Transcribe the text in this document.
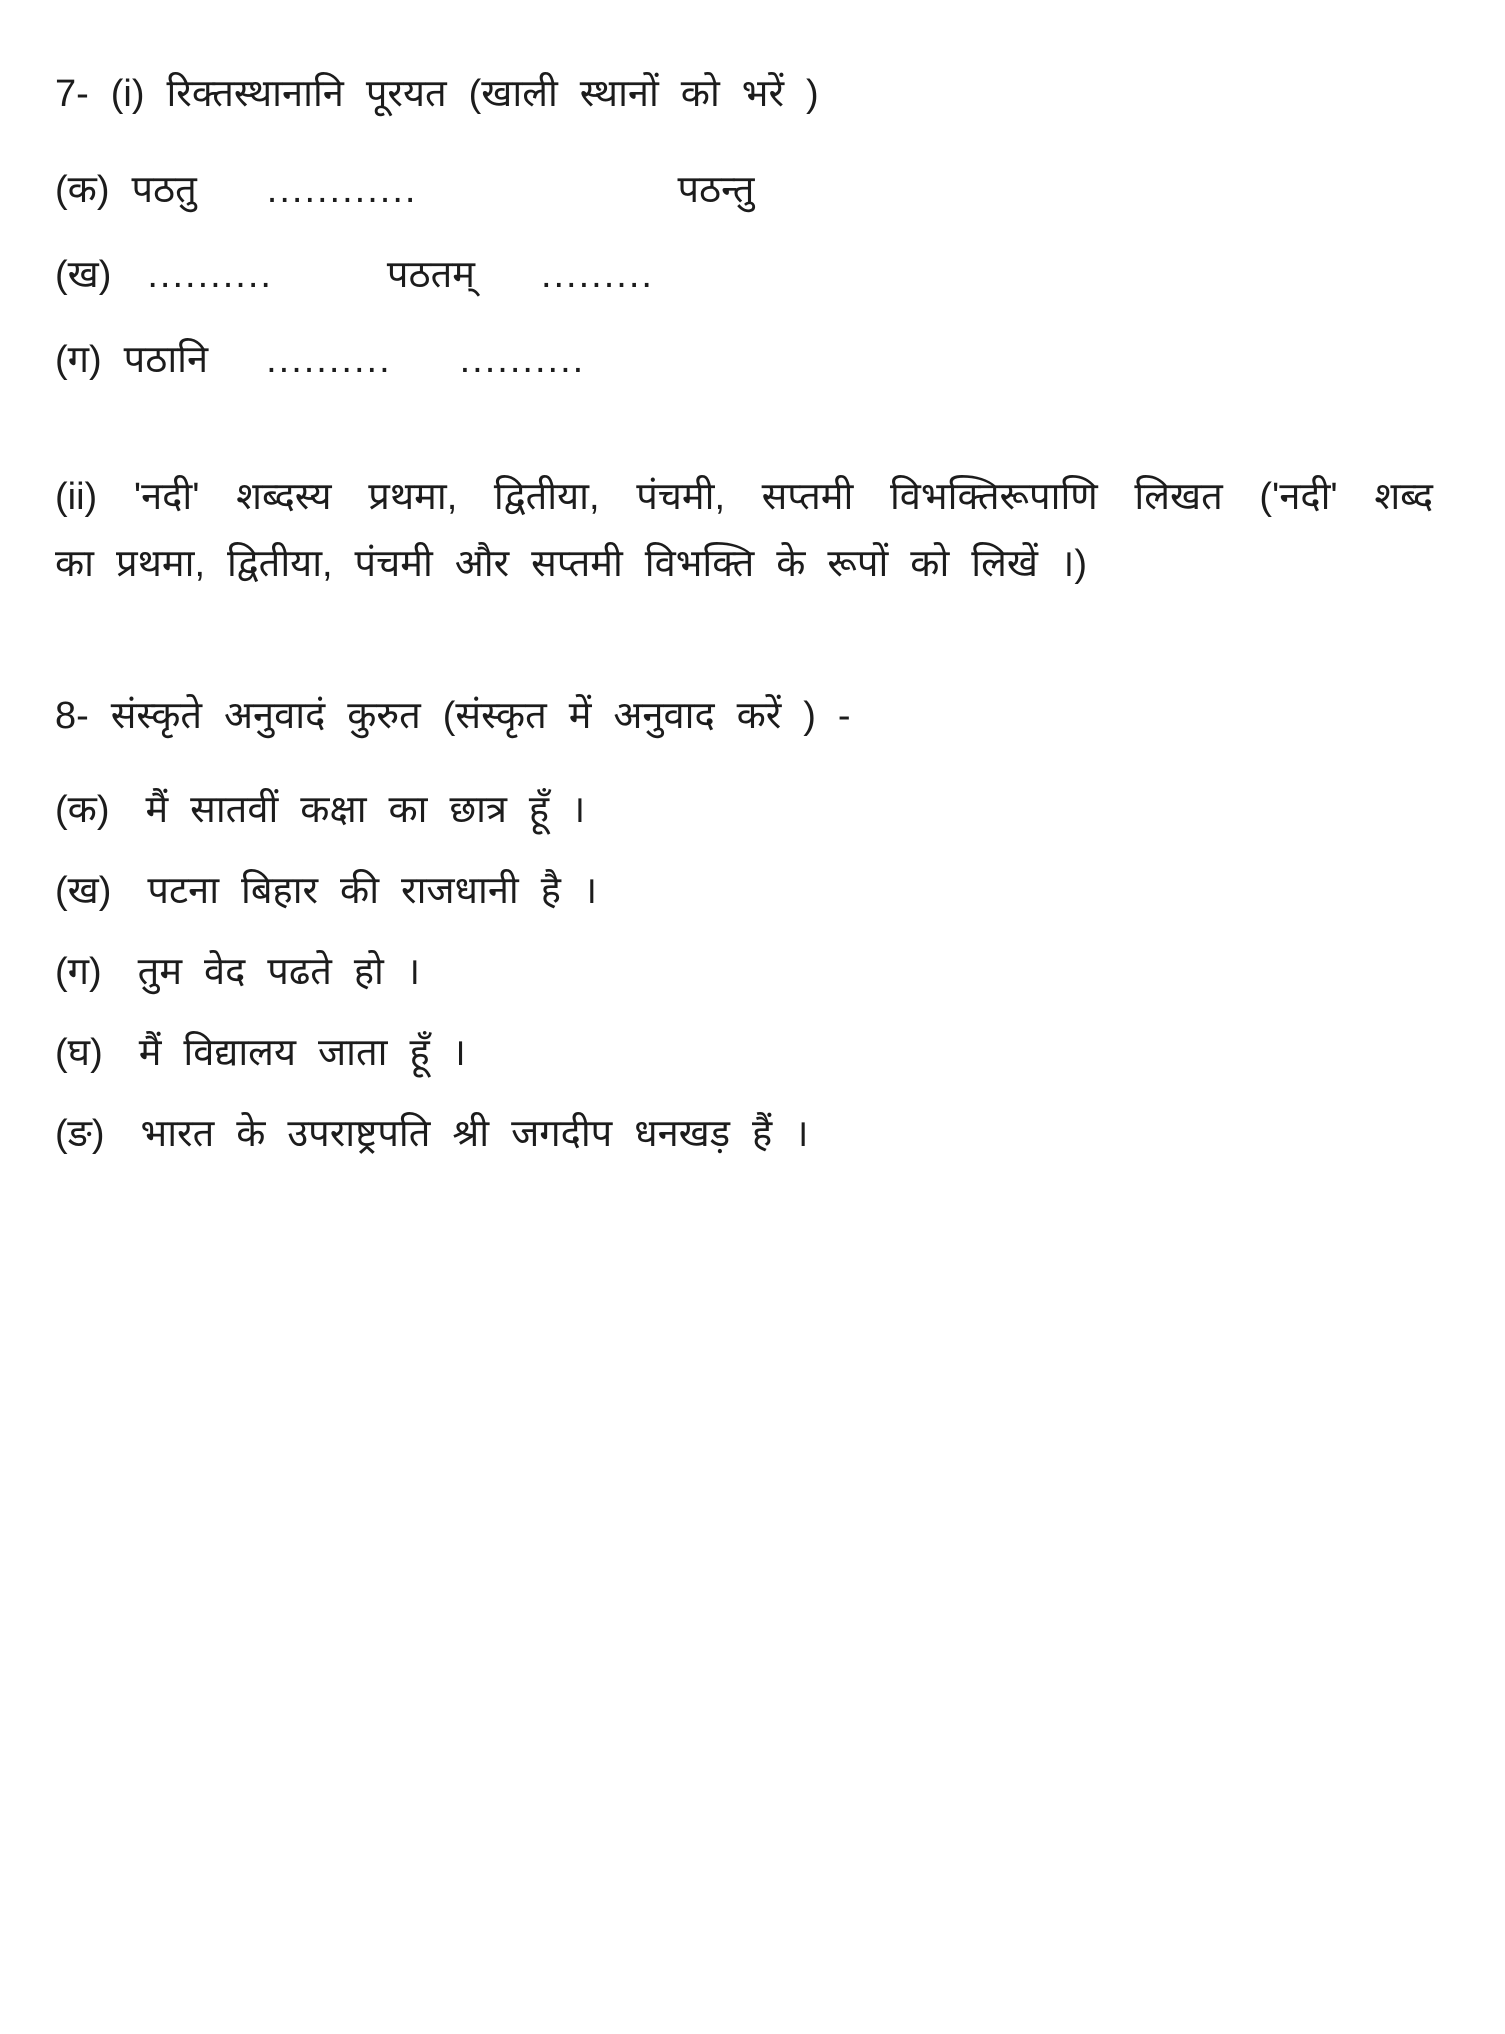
7- (i) रिक्तस्थानानि पूरयत (खाली स्थानों को भरें )
(क) पठतु ............	पठन्तु
(ख) ..........	पठतम् .........
(ग) पठानि .......... ..........
(ii) 'नदी' शब्दस्य प्रथमा, द्वितीया, पंचमी, सप्तमी विभक्तिरूपाणि लिखत ('नदी' शब्द
का प्रथमा, द्वितीया, पंचमी और सप्तमी विभक्ति के रूपों को लिखें ।)
8- संस्कृते अनुवादं कुरुत (संस्कृत में अनुवाद करें ) -
(क) मैं सातवीं कक्षा का छात्र हूँ ।
(ख) पटना बिहार की राजधानी है ।
(ग) तुम वेद पढते हो ।
(घ) मैं विद्यालय जाता हूँ ।
(ङ) भारत के उपराष्ट्रपति श्री जगदीप धनखड़ हैं ।
